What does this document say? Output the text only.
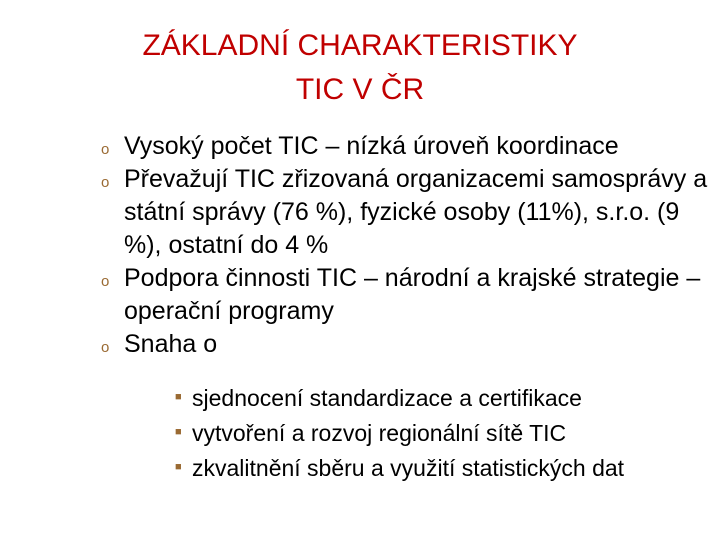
ZÁKLADNÍ CHARAKTERISTIKY
TIC V ČR
o Vysoký počet TIC – nízká úroveň koordinace
o Převažují TIC zřizovaná organizacemi samosprávy a státní správy (76 %), fyzické osoby (11%), s.r.o. (9 %), ostatní do 4 %
o Podpora činnosti TIC – národní a krajské strategie – operační programy
o Snaha o
■ sjednocení standardizace a certifikace
■ vytvoření a rozvoj regionální sítě TIC
■ zkvalitnění sběru a využití statistických dat
